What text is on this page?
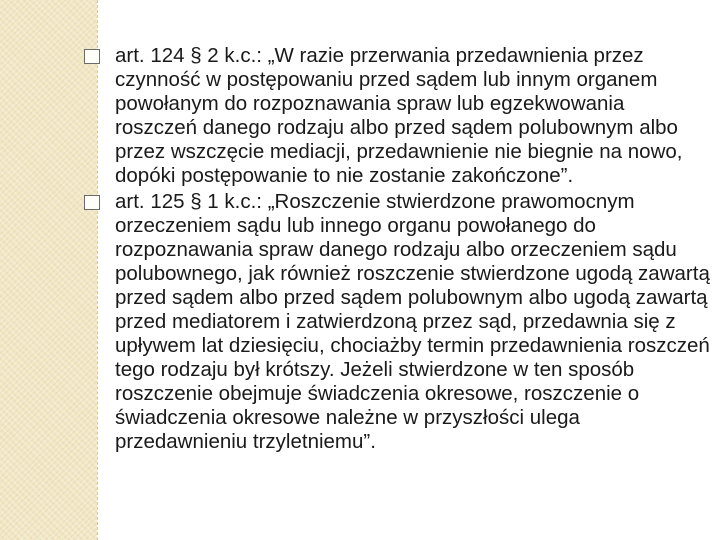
art. 124 § 2 k.c.: „W razie przerwania przedawnienia przez czynność w postępowaniu przed sądem lub innym organem powołanym do rozpoznawania spraw lub egzekwowania roszczeń danego rodzaju albo przed sądem polubownym albo przez wszczęcie mediacji, przedawnienie nie biegnie na nowo, dopóki postępowanie to nie zostanie zakończone”.
art. 125 § 1 k.c.: „Roszczenie stwierdzone prawomocnym orzeczeniem sądu lub innego organu powołanego do rozpoznawania spraw danego rodzaju albo orzeczeniem sądu polubownego, jak również roszczenie stwierdzone ugodą zawartą przed sądem albo przed sądem polubownym albo ugodą zawartą przed mediatorem i zatwierdzoną przez sąd, przedawnia się z upływem lat dziesięciu, chociażby termin przedawnienia roszczeń tego rodzaju był krótszy. Jeżeli stwierdzone w ten sposób roszczenie obejmuje świadczenia okresowe, roszczenie o świadczenia okresowe należne w przyszłości ulega przedawnieniu trzyletniemu”.
